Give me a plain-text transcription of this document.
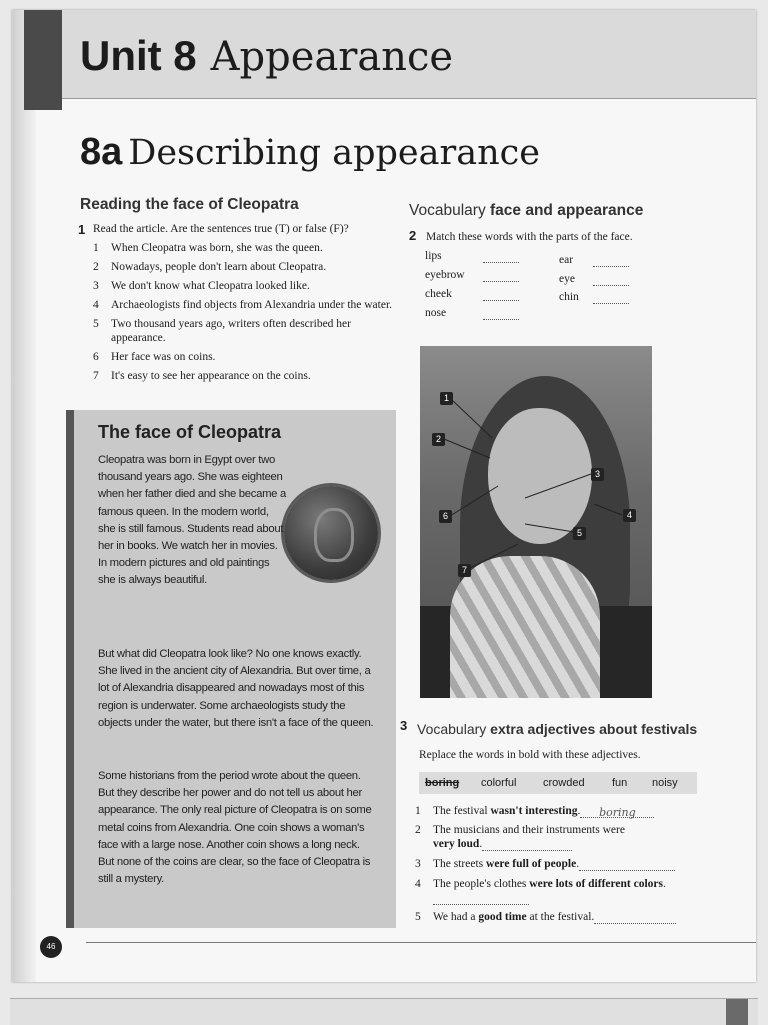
Unit 8 Appearance
8a Describing appearance
Reading the face of Cleopatra
1 Read the article. Are the sentences true (T) or false (F)?
1 When Cleopatra was born, she was the queen.
2 Nowadays, people don't learn about Cleopatra.
3 We don't know what Cleopatra looked like.
4 Archaeologists find objects from Alexandria under the water.
5 Two thousand years ago, writers often described her appearance.
6 Her face was on coins.
7 It's easy to see her appearance on the coins.
The face of Cleopatra

Cleopatra was born in Egypt over two thousand years ago. She was eighteen when her father died and she became a famous queen. In the modern world, she is still famous. Students read about her in books. We watch her in movies. In modern pictures and old paintings she is always beautiful.

But what did Cleopatra look like? No one knows exactly. She lived in the ancient city of Alexandria. But over time, a lot of Alexandria disappeared and nowadays most of this region is underwater. Some archaeologists study the objects under the water, but there isn't a face of the queen.

Some historians from the period wrote about the queen. But they describe her power and do not tell us about her appearance. The only real picture of Cleopatra is on some metal coins from Alexandria. One coin shows a woman's face with a large nose. Another coin shows a long neck. But none of the coins are clear, so the face of Cleopatra is still a mystery.

Vocabulary face and appearance
2 Match these words with the parts of the face.
lips
eyebrow
cheek
nose
ear
eye
chin
1
2
3
4
5
6
7
3 Vocabulary extra adjectives about festivals
Replace the words in bold with these adjectives.
boring colorful crowded fun noisy
1 The festival wasn't interesting. boring
2 The musicians and their instruments were
very loud.
3 The streets were full of people.
4 The people's clothes were lots of different colors.

5 We had a good time at the festival.
46
